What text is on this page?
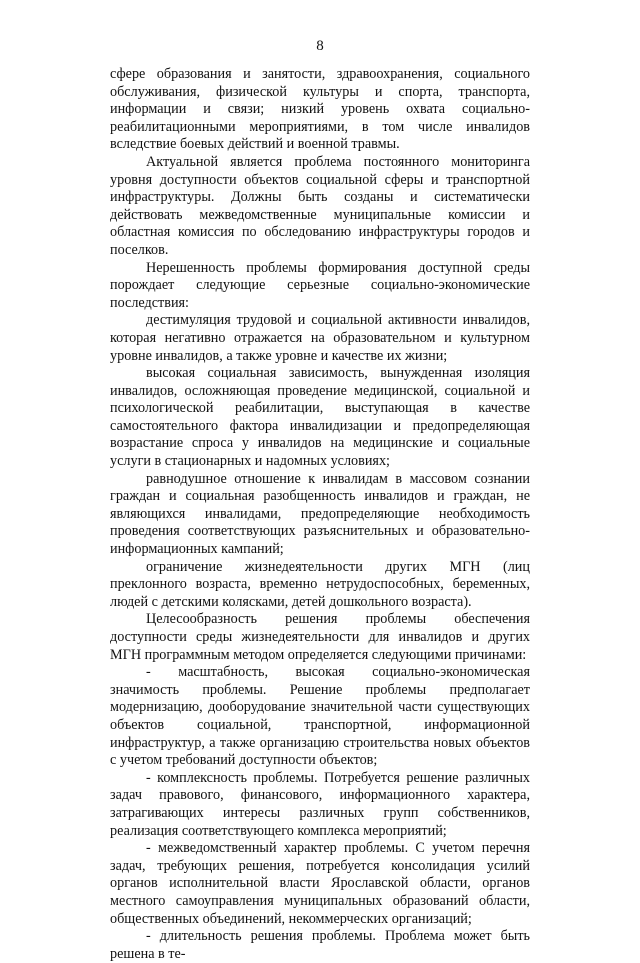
8

сфере образования и занятости, здравоохранения, социального обслуживания, физической культуры и спорта, транспорта, информации и связи; низкий уровень охвата социально-реабилитационными мероприятиями, в том числе инвалидов вследствие боевых действий и военной травмы.

Актуальной является проблема постоянного мониторинга уровня доступности объектов социальной сферы и транспортной инфраструктуры. Должны быть созданы и систематически действовать межведомственные муниципальные комиссии и областная комиссия по обследованию инфраструктуры городов и поселков.

Нерешенность проблемы формирования доступной среды порождает следующие серьезные социально-экономические последствия:

дестимуляция трудовой и социальной активности инвалидов, которая негативно отражается на образовательном и культурном уровне инвалидов, а также уровне и качестве их жизни;

высокая социальная зависимость, вынужденная изоляция инвалидов, осложняющая проведение медицинской, социальной и психологической реабилитации, выступающая в качестве самостоятельного фактора инвалидизации и предопределяющая возрастание спроса у инвалидов на медицинские и социальные услуги в стационарных и надомных условиях;

равнодушное отношение к инвалидам в массовом сознании граждан и социальная разобщенность инвалидов и граждан, не являющихся инвалидами, предопределяющие необходимость проведения соответствующих разъяснительных и образовательно-информационных кампаний;

ограничение жизнедеятельности других МГН (лиц преклонного возраста, временно нетрудоспособных, беременных, людей с детскими колясками, детей дошкольного возраста).

Целесообразность решения проблемы обеспечения доступности среды жизнедеятельности для инвалидов и других МГН программным методом определяется следующими причинами:

- масштабность, высокая социально-экономическая значимость проблемы. Решение проблемы предполагает модернизацию, дооборудование значительной части существующих объектов социальной, транспортной, информационной инфраструктур, а также организацию строительства новых объектов с учетом требований доступности объектов;

- комплексность проблемы. Потребуется решение различных задач правового, финансового, информационного характера, затрагивающих интересы различных групп собственников, реализация соответствующего комплекса мероприятий;

- межведомственный характер проблемы. С учетом перечня задач, требующих решения, потребуется консолидация усилий органов исполнительной власти Ярославской области, органов местного самоуправления муниципальных образований области, общественных объединений, некоммерческих организаций;

- длительность решения проблемы. Проблема может быть решена в те-
